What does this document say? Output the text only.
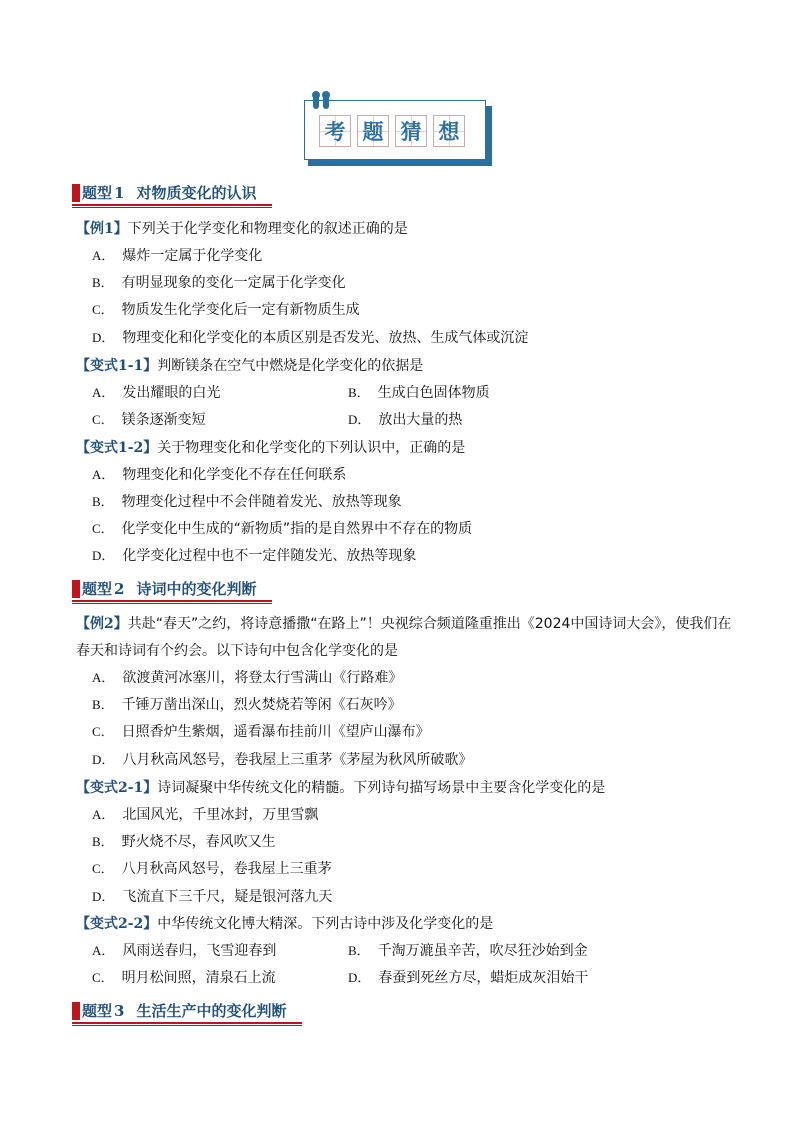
考 题 猜 想
题型 1 对物质变化的认识
【例1】下列关于化学变化和物理变化的叙述正确的是
A． 爆炸一定属于化学变化
B． 有明显现象的变化一定属于化学变化
C． 物质发生化学变化后一定有新物质生成
D． 物理变化和化学变化的本质区别是否发光、放热、生成气体或沉淀
【变式1-1】判断镁条在空气中燃烧是化学变化的依据是
A． 发出耀眼的白光	B． 生成白色固体物质
C． 镁条逐渐变短	D． 放出大量的热
【变式1-2】关于物理变化和化学变化的下列认识中，正确的是
A． 物理变化和化学变化不存在任何联系
B． 物理变化过程中不会伴随着发光、放热等现象
C． 化学变化中生成的“新物质”指的是自然界中不存在的物质
D． 化学变化过程中也不一定伴随发光、放热等现象
题型 2 诗词中的变化判断
【例2】共赴“春天”之约，将诗意播撒“在路上”！央视综合频道隆重推出《2024中国诗词大会》，使我们在
春天和诗词有个约会。以下诗句中包含化学变化的是
A． 欲渡黄河冰塞川，将登太行雪满山《行路难》
B． 千锤万凿出深山，烈火焚烧若等闲《石灰吟》
C． 日照香炉生紫烟，遥看瀑布挂前川《望庐山瀑布》
D． 八月秋高风怒号，卷我屋上三重茅《茅屋为秋风所破歌》
【变式2-1】诗词凝聚中华传统文化的精髓。下列诗句描写场景中主要含化学变化的是
A． 北国风光，千里冰封，万里雪飘
B． 野火烧不尽，春风吹又生
C． 八月秋高风怒号，卷我屋上三重茅
D． 飞流直下三千尺，疑是银河落九天
【变式2-2】中华传统文化博大精深。下列古诗中涉及化学变化的是
A． 风雨送春归，飞雪迎春到	B． 千淘万漉虽辛苦，吹尽狂沙始到金
C． 明月松间照，清泉石上流	D． 春蚕到死丝方尽，蜡炬成灰泪始干
题型 3 生活生产中的变化判断
